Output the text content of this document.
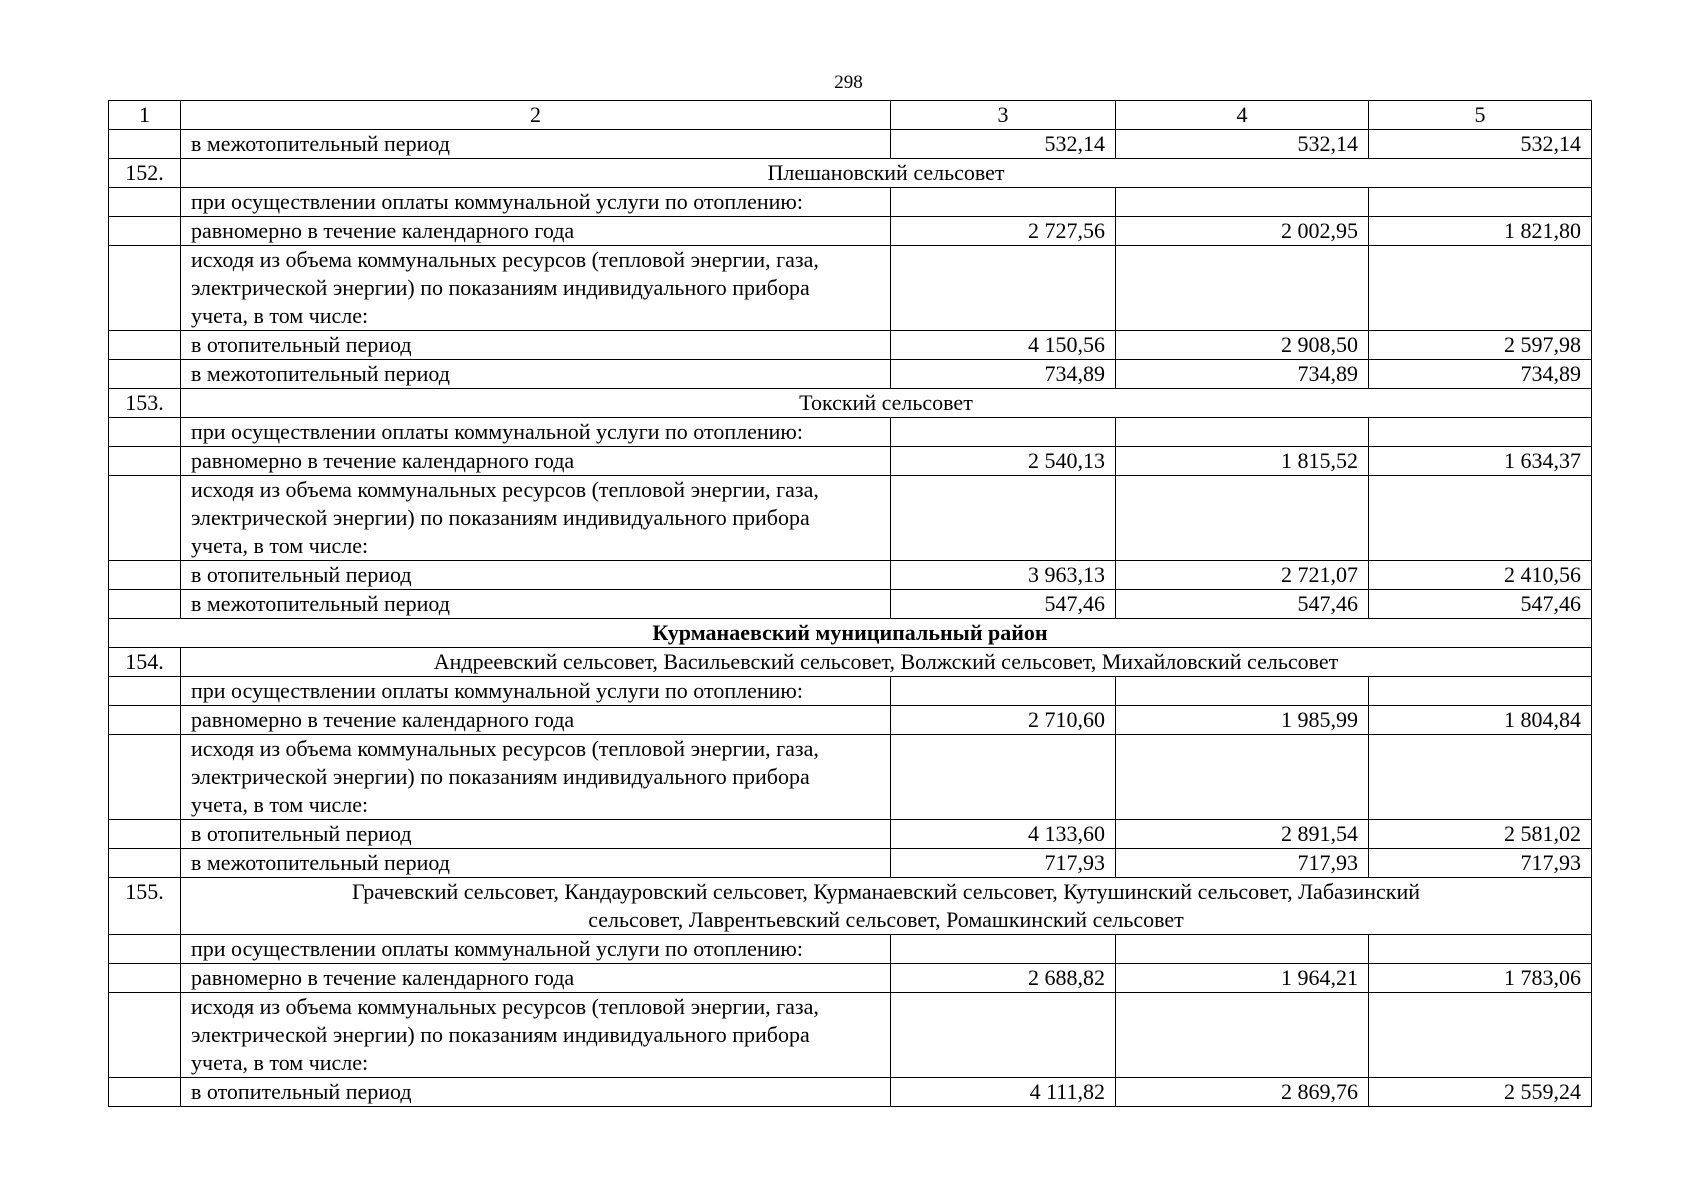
298
1	2	3	4	5
	в межотопительный период	532,14	532,14	532,14
152.	Плешановский сельсовет			
	при осуществлении оплаты коммунальной услуги по отоплению:			
	равномерно в течение календарного года	2 727,56	2 002,95	1 821,80
	исходя из объема коммунальных ресурсов (тепловой энергии, газа, электрической энергии) по показаниям индивидуального прибора учета, в том числе:			
	в отопительный период	4 150,56	2 908,50	2 597,98
	в межотопительный период	734,89	734,89	734,89
153.	Токский сельсовет			
	при осуществлении оплаты коммунальной услуги по отоплению:			
	равномерно в течение календарного года	2 540,13	1 815,52	1 634,37
	исходя из объема коммунальных ресурсов (тепловой энергии, газа, электрической энергии) по показаниям индивидуального прибора учета, в том числе:			
	в отопительный период	3 963,13	2 721,07	2 410,56
	в межотопительный период	547,46	547,46	547,46
Курманаевский муниципальный район				
154.	Андреевский сельсовет, Васильевский сельсовет, Волжский сельсовет, Михайловский сельсовет			
	при осуществлении оплаты коммунальной услуги по отоплению:			
	равномерно в течение календарного года	2 710,60	1 985,99	1 804,84
	исходя из объема коммунальных ресурсов (тепловой энергии, газа, электрической энергии) по показаниям индивидуального прибора учета, в том числе:			
	в отопительный период	4 133,60	2 891,54	2 581,02
	в межотопительный период	717,93	717,93	717,93
155.	Грачевский сельсовет, Кандауровский сельсовет, Курманаевский сельсовет, Кутушинский сельсовет, Лабазинский сельсовет, Лаврентьевский сельсовет, Ромашкинский сельсовет			
	при осуществлении оплаты коммунальной услуги по отоплению:			
	равномерно в течение календарного года	2 688,82	1 964,21	1 783,06
	исходя из объема коммунальных ресурсов (тепловой энергии, газа, электрической энергии) по показаниям индивидуального прибора учета, в том числе:			
	в отопительный период	4 111,82	2 869,76	2 559,24
